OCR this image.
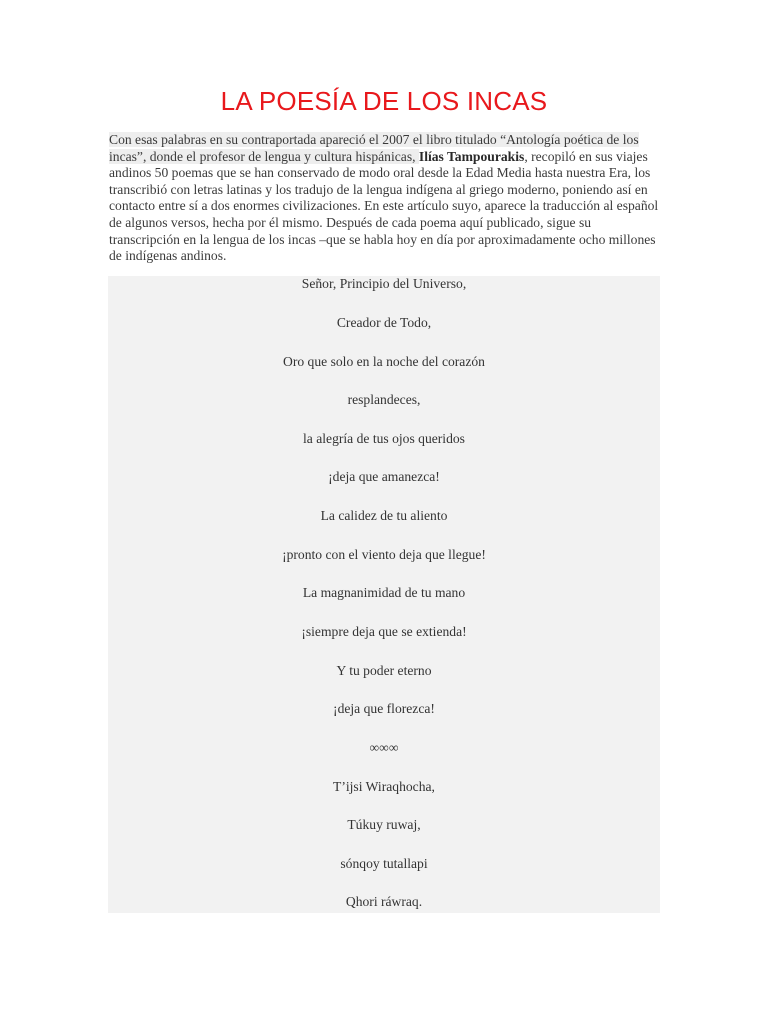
LA POESÍA DE LOS INCAS
Con esas palabras en su contraportada apareció el 2007 el libro titulado “Antología poética de los incas”, donde el profesor de lengua y cultura hispánicas, Ilías Tampourakis, recopiló en sus viajes andinos 50 poemas que se han conservado de modo oral desde la Edad Media hasta nuestra Era, los transcribió con letras latinas y los tradujo de la lengua indígena al griego moderno, poniendo así en contacto entre sí a dos enormes civilizaciones. En este artículo suyo, aparece la traducción al español de algunos versos, hecha por él mismo. Después de cada poema aquí publicado, sigue su transcripción en la lengua de los incas –que se habla hoy en día por aproximadamente ocho millones de indígenas andinos.
Señor, Principio del Universo,
Creador de Todo,
Oro que solo en la noche del corazón
resplandeces,
la alegría de tus ojos queridos
¡deja que amanezca!
La calidez de tu aliento
¡pronto con el viento deja que llegue!
La magnanimidad de tu mano
¡siempre deja que se extienda!
Y tu poder eterno
¡deja que florezca!
∞∞∞
T’ijsi Wiraqhocha,
Túkuy ruwaj,
sónqoy tutallapi
Qhori ráwraq.
